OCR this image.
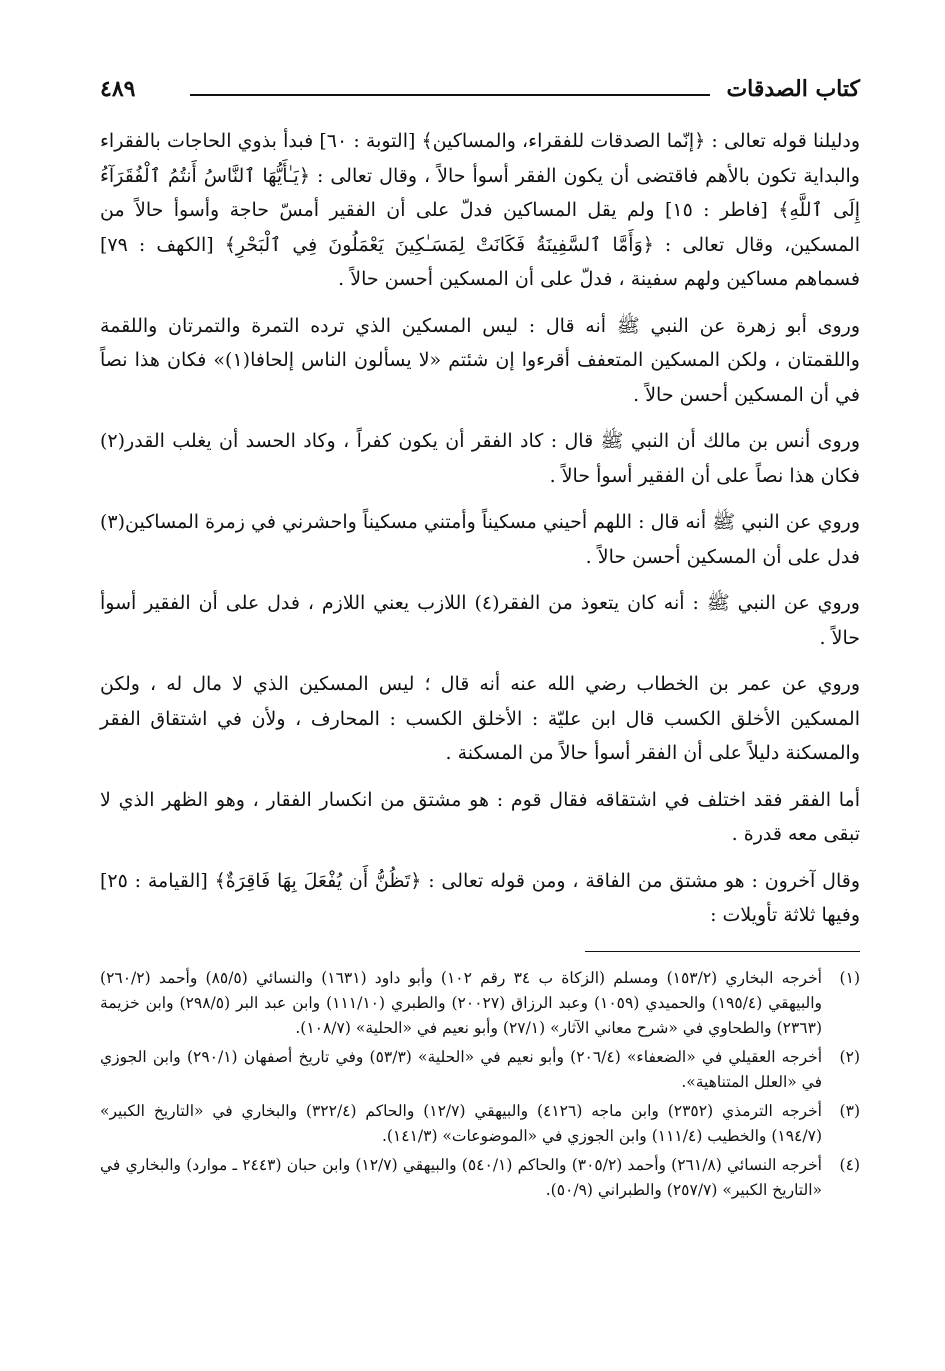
كتاب الصدقات
٤٨٩

ودليلنا قوله تعالى : ﴿إنّما الصدقات للفقراء، والمساكين﴾ [التوبة : ٦٠] فبدأ بذوي الحاجات بالفقراء والبداية تكون بالأهم فاقتضى أن يكون الفقر أسوأ حالاً ، وقال تعالى : ﴿يَـٰأَيُّهَا ٱلنَّاسُ أَنتُمُ ٱلْفُقَرَآءُ إِلَى ٱللَّهِ﴾ [فاطر : ١٥] ولم يقل المساكين فدلّ على أن الفقير أمسّ حاجة وأسوأ حالاً من المسكين، وقال تعالى : ﴿وَأَمَّا ٱلسَّفِينَةُ فَكَانَتْ لِمَسَـٰكِينَ يَعْمَلُونَ فِي ٱلْبَحْرِ﴾ [الكهف : ٧٩] فسماهم مساكين ولهم سفينة ، فدلّ على أن المسكين أحسن حالاً .

وروى أبو زهرة عن النبي ﷺ أنه قال : ليس المسكين الذي ترده التمرة والتمرتان واللقمة واللقمتان ، ولكن المسكين المتعفف أقرءوا إن شئتم «لا يسألون الناس إلحافا(١)» فكان هذا نصاً في أن المسكين أحسن حالاً .

وروى أنس بن مالك أن النبي ﷺ قال : كاد الفقر أن يكون كفراً ، وكاد الحسد أن يغلب القدر(٢) فكان هذا نصاً على أن الفقير أسوأ حالاً .

وروي عن النبي ﷺ أنه قال : اللهم أحيني مسكيناً وأمتني مسكيناً واحشرني في زمرة المساكين(٣) فدل على أن المسكين أحسن حالاً .

وروي عن النبي ﷺ : أنه كان يتعوذ من الفقر(٤) اللازب يعني اللازم ، فدل على أن الفقير أسوأ حالاً .

وروي عن عمر بن الخطاب رضي الله عنه أنه قال ؛ ليس المسكين الذي لا مال له ، ولكن المسكين الأخلق الكسب قال ابن عليّة : الأخلق الكسب : المحارف ، ولأن في اشتقاق الفقر والمسكنة دليلاً على أن الفقر أسوأ حالاً من المسكنة .

أما الفقر فقد اختلف في اشتقاقه فقال قوم : هو مشتق من انكسار الفقار ، وهو الظهر الذي لا تبقى معه قدرة .

وقال آخرون : هو مشتق من الفاقة ، ومن قوله تعالى : ﴿تَظُنُّ أَن يُفْعَلَ بِهَا فَاقِرَةٌ﴾ [القيامة : ٢٥] وفيها ثلاثة تأويلات :

(١)
أخرجه البخاري (١٥٣/٢) ومسلم (الزكاة ب ٣٤ رقم ١٠٢) وأبو داود (١٦٣١) والنسائي (٨٥/٥) وأحمد (٢٦٠/٢) والبيهقي (١٩٥/٤) والحميدي (١٠٥٩) وعبد الرزاق (٢٠٠٢٧) والطبري (١١١/١٠) وابن عبد البر (٢٩٨/٥) وابن خزيمة (٢٣٦٣) والطحاوي في «شرح معاني الآثار» (٢٧/١) وأبو نعيم في «الحلية» (١٠٨/٧).
(٢)
أخرجه العقيلي في «الضعفاء» (٢٠٦/٤) وأبو نعيم في «الحلية» (٥٣/٣) وفي تاريخ أصفهان (٢٩٠/١) وابن الجوزي في «العلل المتناهية».
(٣)
أخرجه الترمذي (٢٣٥٢) وابن ماجه (٤١٢٦) والبيهقي (١٢/٧) والحاكم (٣٢٢/٤) والبخاري في «التاريخ الكبير» (١٩٤/٧) والخطيب (١١١/٤) وابن الجوزي في «الموضوعات» (١٤١/٣).
(٤)
أخرجه النسائي (٢٦١/٨) وأحمد (٣٠٥/٢) والحاكم (٥٤٠/١) والبيهقي (١٢/٧) وابن حبان (٢٤٤٣ ـ موارد) والبخاري في «التاريخ الكبير» (٢٥٧/٧) والطبراني (٥٠/٩).
